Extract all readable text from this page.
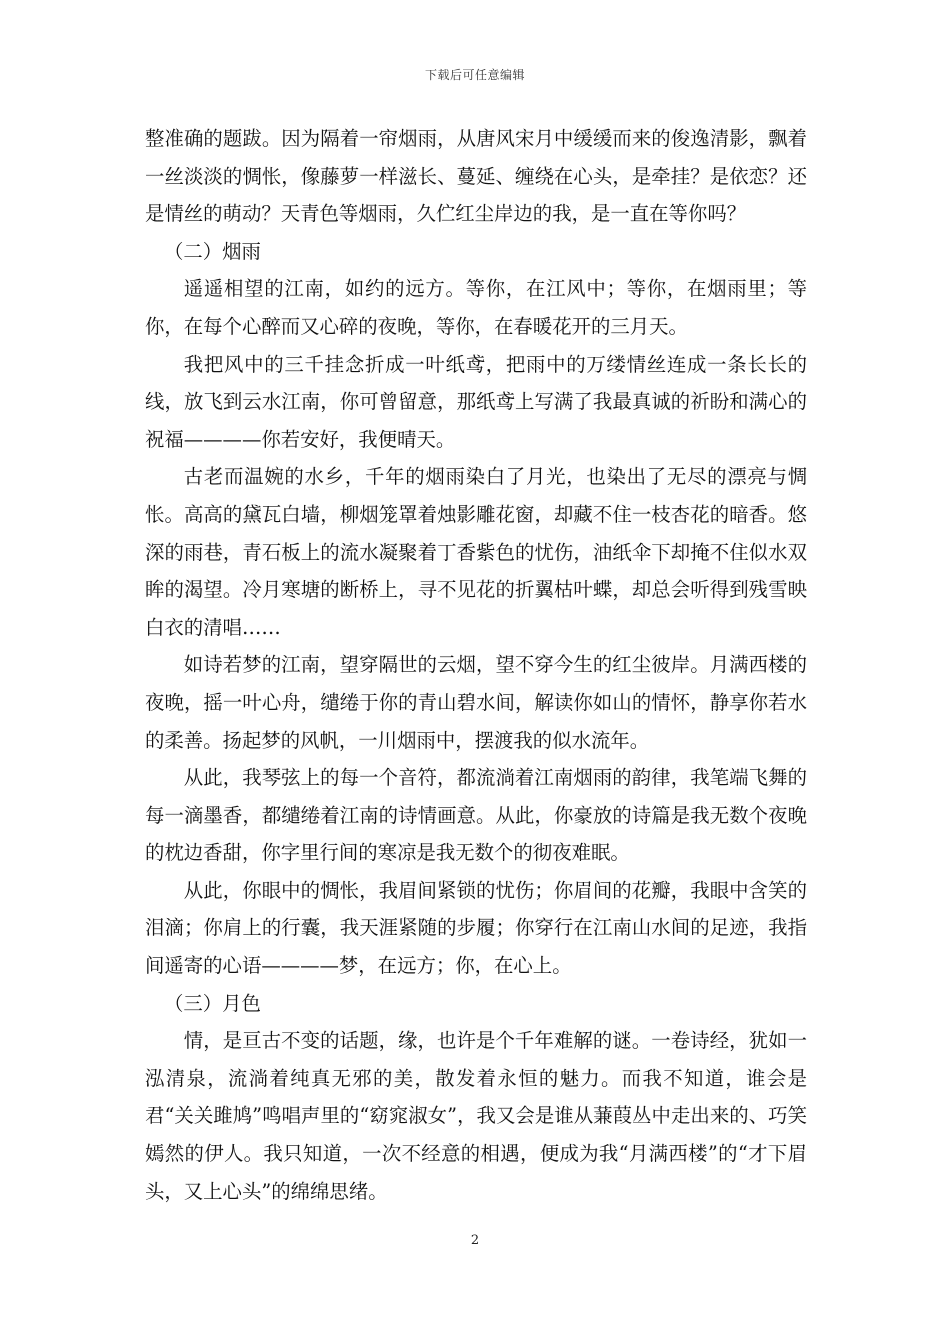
下载后可任意编辑

整准确的题跋。因为隔着一帘烟雨，从唐风宋月中缓缓而来的俊逸清影，飘着一丝淡淡的惆怅，像藤萝一样滋长、蔓延、缠绕在心头，是牵挂？是依恋？还是情丝的萌动？天青色等烟雨，久伫红尘岸边的我，是一直在等你吗？

（二）烟雨

遥遥相望的江南，如约的远方。等你，在江风中；等你，在烟雨里；等你，在每个心醉而又心碎的夜晚，等你，在春暖花开的三月天。

我把风中的三千挂念折成一叶纸鸢，把雨中的万缕情丝连成一条长长的线，放飞到云水江南，你可曾留意，那纸鸢上写满了我最真诚的祈盼和满心的祝福————你若安好，我便晴天。

古老而温婉的水乡，千年的烟雨染白了月光，也染出了无尽的漂亮与惆怅。高高的黛瓦白墙，柳烟笼罩着烛影雕花窗，却藏不住一枝杏花的暗香。悠深的雨巷，青石板上的流水凝聚着丁香紫色的忧伤，油纸伞下却掩不住似水双眸的渴望。冷月寒塘的断桥上，寻不见花的折翼枯叶蝶，却总会听得到残雪映白衣的清唱……

如诗若梦的江南，望穿隔世的云烟，望不穿今生的红尘彼岸。月满西楼的夜晚，摇一叶心舟，缱绻于你的青山碧水间，解读你如山的情怀，静享你若水的柔善。扬起梦的风帆，一川烟雨中，摆渡我的似水流年。

从此，我琴弦上的每一个音符，都流淌着江南烟雨的韵律，我笔端飞舞的每一滴墨香，都缱绻着江南的诗情画意。从此，你豪放的诗篇是我无数个夜晚的枕边香甜，你字里行间的寒凉是我无数个的彻夜难眠。

从此，你眼中的惆怅，我眉间紧锁的忧伤；你眉间的花瓣，我眼中含笑的泪滴；你肩上的行囊，我天涯紧随的步履；你穿行在江南山水间的足迹，我指间遥寄的心语————梦，在远方；你，在心上。

（三）月色

情，是亘古不变的话题，缘，也许是个千年难解的谜。一卷诗经，犹如一泓清泉，流淌着纯真无邪的美，散发着永恒的魅力。而我不知道，谁会是君“关关雎鸠”鸣唱声里的“窈窕淑女”，我又会是谁从蒹葭丛中走出来的、巧笑嫣然的伊人。我只知道，一次不经意的相遇，便成为我“月满西楼”的“才下眉头，又上心头”的绵绵思绪。

2
